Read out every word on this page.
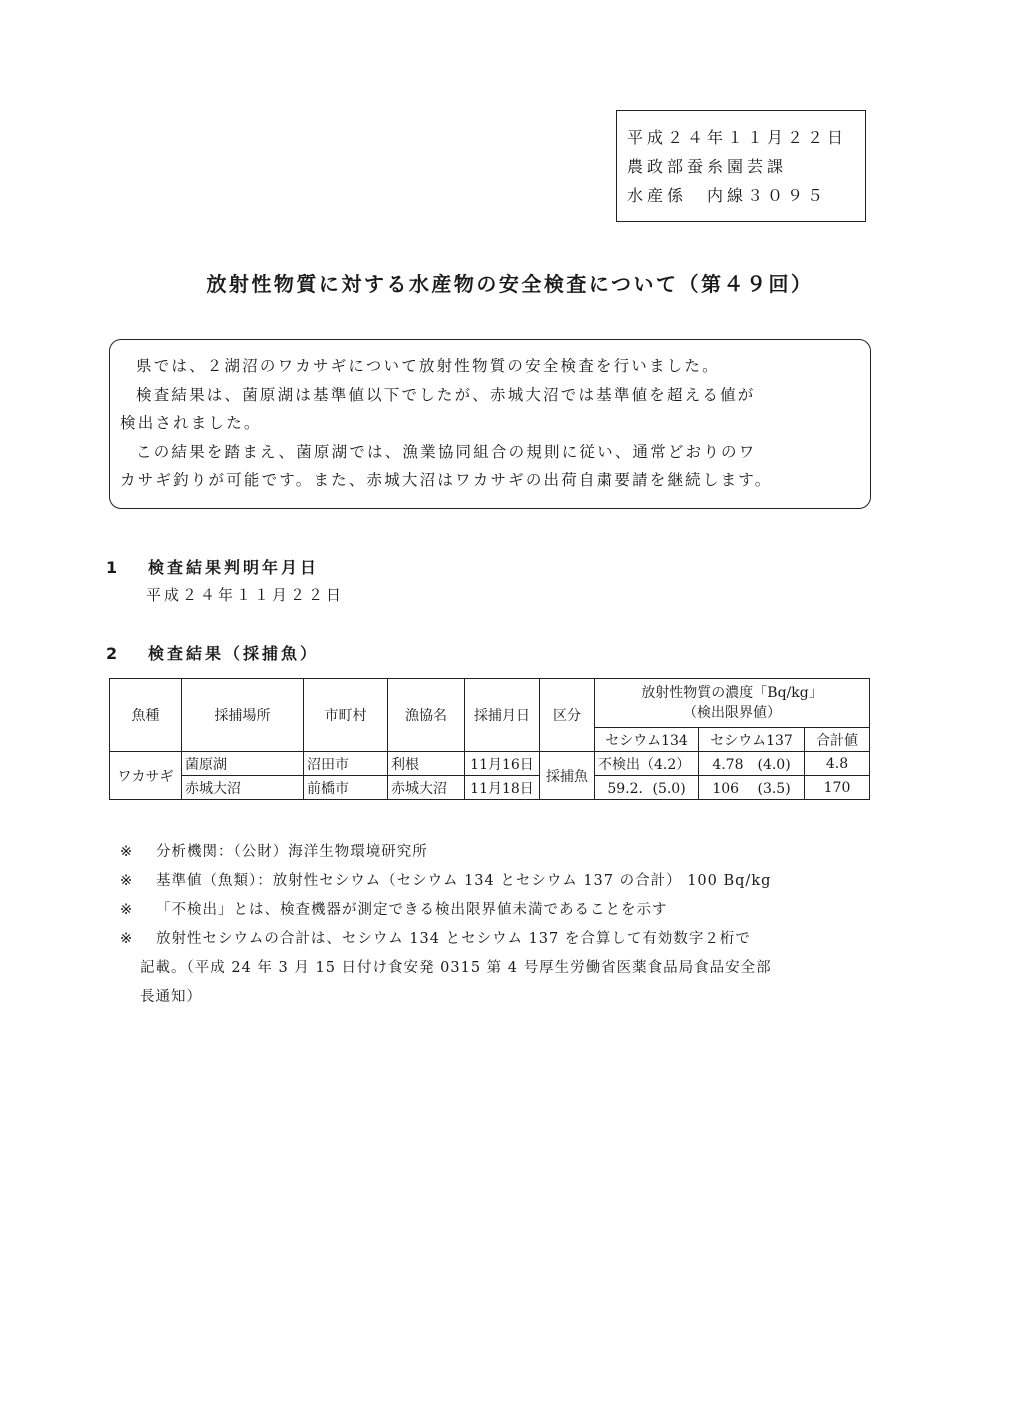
平成２４年１１月２２日
農政部蚕糸園芸課
水産係　内線３０９５
放射性物質に対する水産物の安全検査について（第４９回）

県では、２湖沼のワカサギについて放射性物質の安全検査を行いました。

検査結果は、菌原湖は基準値以下でしたが、赤城大沼では基準値を超える値が

検出されました。

この結果を踏まえ、菌原湖では、漁業協同組合の規則に従い、通常どおりのワ

カサギ釣りが可能です。また、赤城大沼はワカサギの出荷自粛要請を継続します。

1 検査結果判明年月日
平成２４年１１月２２日
2 検査結果（採捕魚）
魚種	採捕場所	市町村	漁協名	採捕月日	区分	放射性物質の濃度「Bq/kg」
（検出限界値）		

						セシウム134	セシウム137	合計値
ワカサギ	菌原湖	沼田市	利根	11月16日	採捕魚	不検出（4.2）	4.78　(4.0)	4.8
	赤城大沼	前橋市	赤城大沼	11月18日		59.2．(5.0)	106　 (3.5)	170
※	分析機関：（公財）海洋生物環境研究所
※	基準値（魚類）：放射性セシウム（セシウム 134 とセシウム 137 の合計） 100 Bq/kg
※	「不検出」とは、検査機器が測定できる検出限界値未満であることを示す
※	放射性セシウムの合計は、セシウム 134 とセシウム 137 を合算して有効数字２桁で
記載。（平成 24 年 3 月 15 日付け食安発 0315 第 4 号厚生労働省医薬食品局食品安全部
長通知）
